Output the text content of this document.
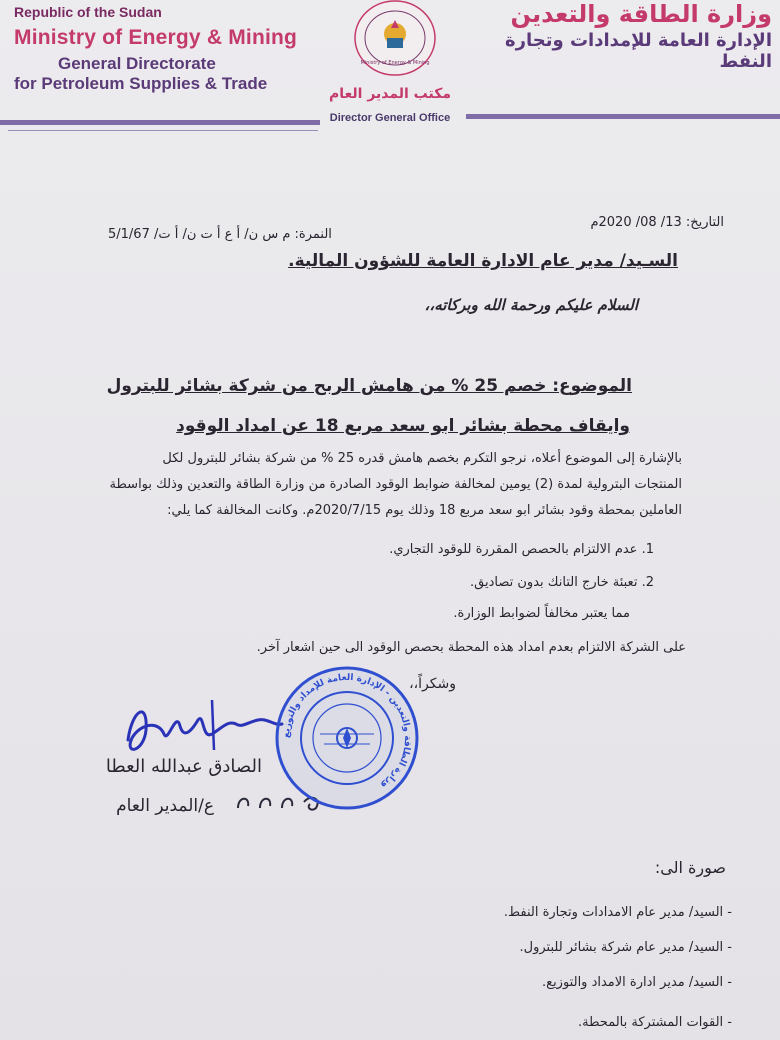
Republic of the Sudan
Ministry of Energy & Mining
General Directorate
for Petroleum Supplies & Trade
Ministry of Energy & Mining
وزارة الطاقة والتعدين
الإدارة العامة للإمدادات وتجارة النفط
مكتب المدير العام
Director General Office
التاريخ: 13/ 08/ 2020م
النمرة: م س ن/ أ ع أ ت ن/ أ ت/ 5/1/67
السـيد/ مدير عام الادارة العامة للشؤون المالية.
السلام عليكم ورحمة الله وبركاته،،
الموضوع: خصم 25 % من هامش الربح من شركة بشائر للبترول
وايقاف محطة بشائر ابو سعد مربع 18 عن امداد الوقود
بالإشارة إلى الموضوع أعلاه، نرجو التكرم بخصم هامش قدره 25 % من شركة بشائر للبترول لكل
المنتجات البترولية لمدة (2) يومين لمخالفة ضوابط الوقود الصادرة من وزارة الطاقة والتعدين وذلك بواسطة
العاملين بمحطة وقود بشائر ابو سعد مربع 18 وذلك يوم 2020/7/15م. وكانت المخالفة كما يلي:
1. عدم الالتزام بالحصص المقررة للوقود التجاري.
2. تعبئة خارج التانك بدون تصاديق.
مما يعتبر مخالفاً لضوابط الوزارة.
على الشركة الالتزام بعدم امداد هذه المحطة بحصص الوقود الى حين اشعار آخر.
وشكراً،،
الصادق عبدالله العطا
ع/المدير العام
وزارة الطاقة والتعدين - الإدارة العامة للإمداد والتوزيع
صورة الى:
- السيد/ مدير عام الامدادات وتجارة النفط.
- السيد/ مدير عام شركة بشائر للبترول.
- السيد/ مدير ادارة الامداد والتوزيع.
- القوات المشتركة بالمحطة.
